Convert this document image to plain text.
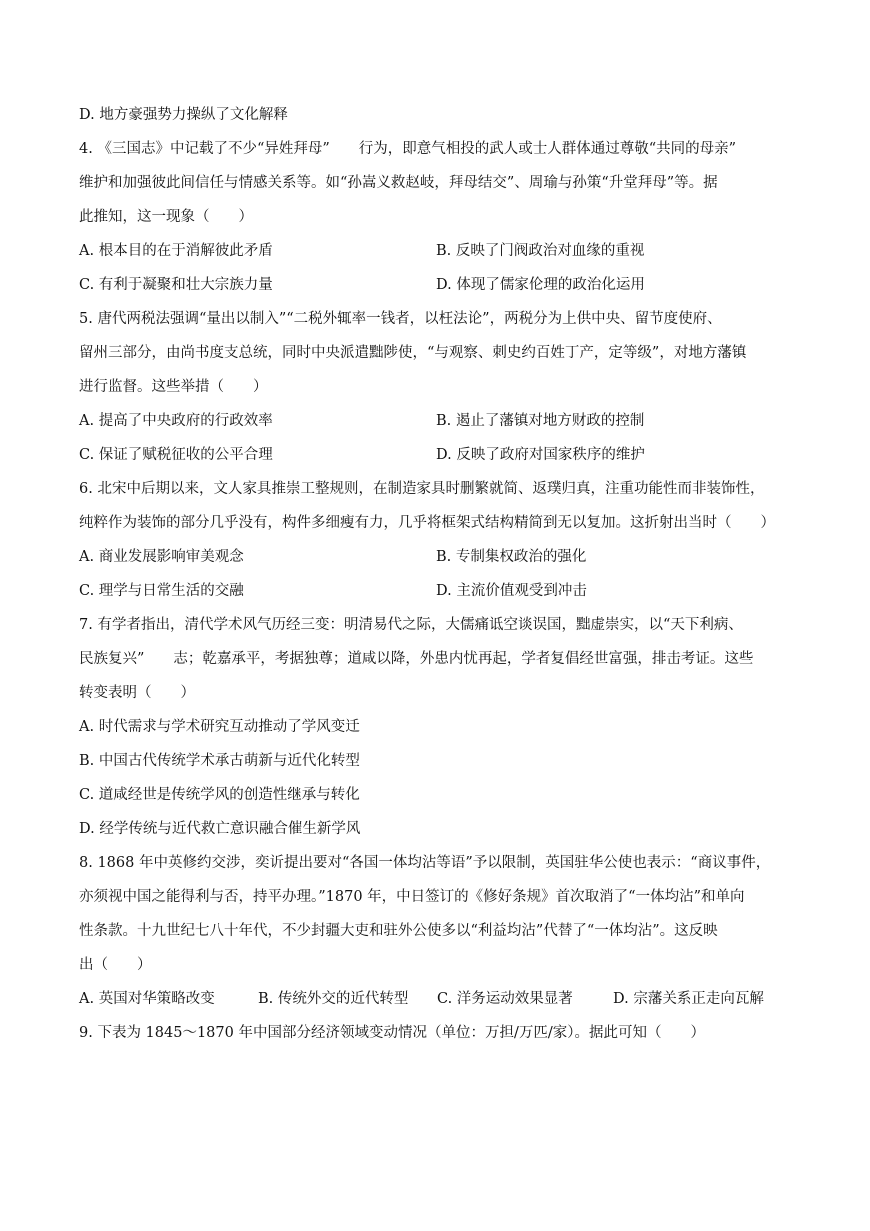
D. 地方豪强势力操纵了文化解释
4. 《三国志》中记载了不少“异姓拜母”　　行为，即意气相投的武人或士人群体通过尊敬“共同的母亲”
维护和加强彼此间信任与情感关系等。如“孙嵩义救赵岐，拜母结交”、周瑜与孙策“升堂拜母”等。据
此推知，这一现象（　　）
A. 根本目的在于消解彼此矛盾	B. 反映了门阀政治对血缘的重视
C. 有利于凝聚和壮大宗族力量	D. 体现了儒家伦理的政治化运用
5. 唐代两税法强调“量出以制入”“二税外辄率一钱者，以枉法论”，两税分为上供中央、留节度使府、
留州三部分，由尚书度支总统，同时中央派遣黜陟使，“与观察、刺史约百姓丁产，定等级”，对地方藩镇
进行监督。这些举措（　　）
A. 提高了中央政府的行政效率	B. 遏止了藩镇对地方财政的控制
C. 保证了赋税征收的公平合理	D. 反映了政府对国家秩序的维护
6. 北宋中后期以来，文人家具推崇工整规则，在制造家具时删繁就简、返璞归真，注重功能性而非装饰性，
纯粹作为装饰的部分几乎没有，构件多细瘦有力，几乎将框架式结构精简到无以复加。这折射出当时（　　）
A. 商业发展影响审美观念	B. 专制集权政治的强化
C. 理学与日常生活的交融	D. 主流价值观受到冲击
7. 有学者指出，清代学术风气历经三变：明清易代之际，大儒痛诋空谈误国，黜虚崇实，以“天下利病、
民族复兴”　　志；乾嘉承平，考据独尊；道咸以降，外患内忧再起，学者复倡经世富强，排击考证。这些
转变表明（　　）
A. 时代需求与学术研究互动推动了学风变迁
B. 中国古代传统学术承古萌新与近代化转型
C. 道咸经世是传统学风的创造性继承与转化
D. 经学传统与近代救亡意识融合催生新学风
8. 1868 年中英修约交涉，奕䜣提出要对“各国一体均沾等语”予以限制，英国驻华公使也表示：“商议事件，
亦须视中国之能得利与否，持平办理。”1870 年，中日签订的《修好条规》首次取消了“一体均沾”和单向
性条款。十九世纪七八十年代，不少封疆大吏和驻外公使多以“利益均沾”代替了“一体均沾”。这反映
出（　　）
A. 英国对华策略改变	B. 传统外交的近代转型	C. 洋务运动效果显著	D. 宗藩关系正走向瓦解
9. 下表为 1845～1870 年中国部分经济领域变动情况（单位：万担/万匹/家）。据此可知（　　）
